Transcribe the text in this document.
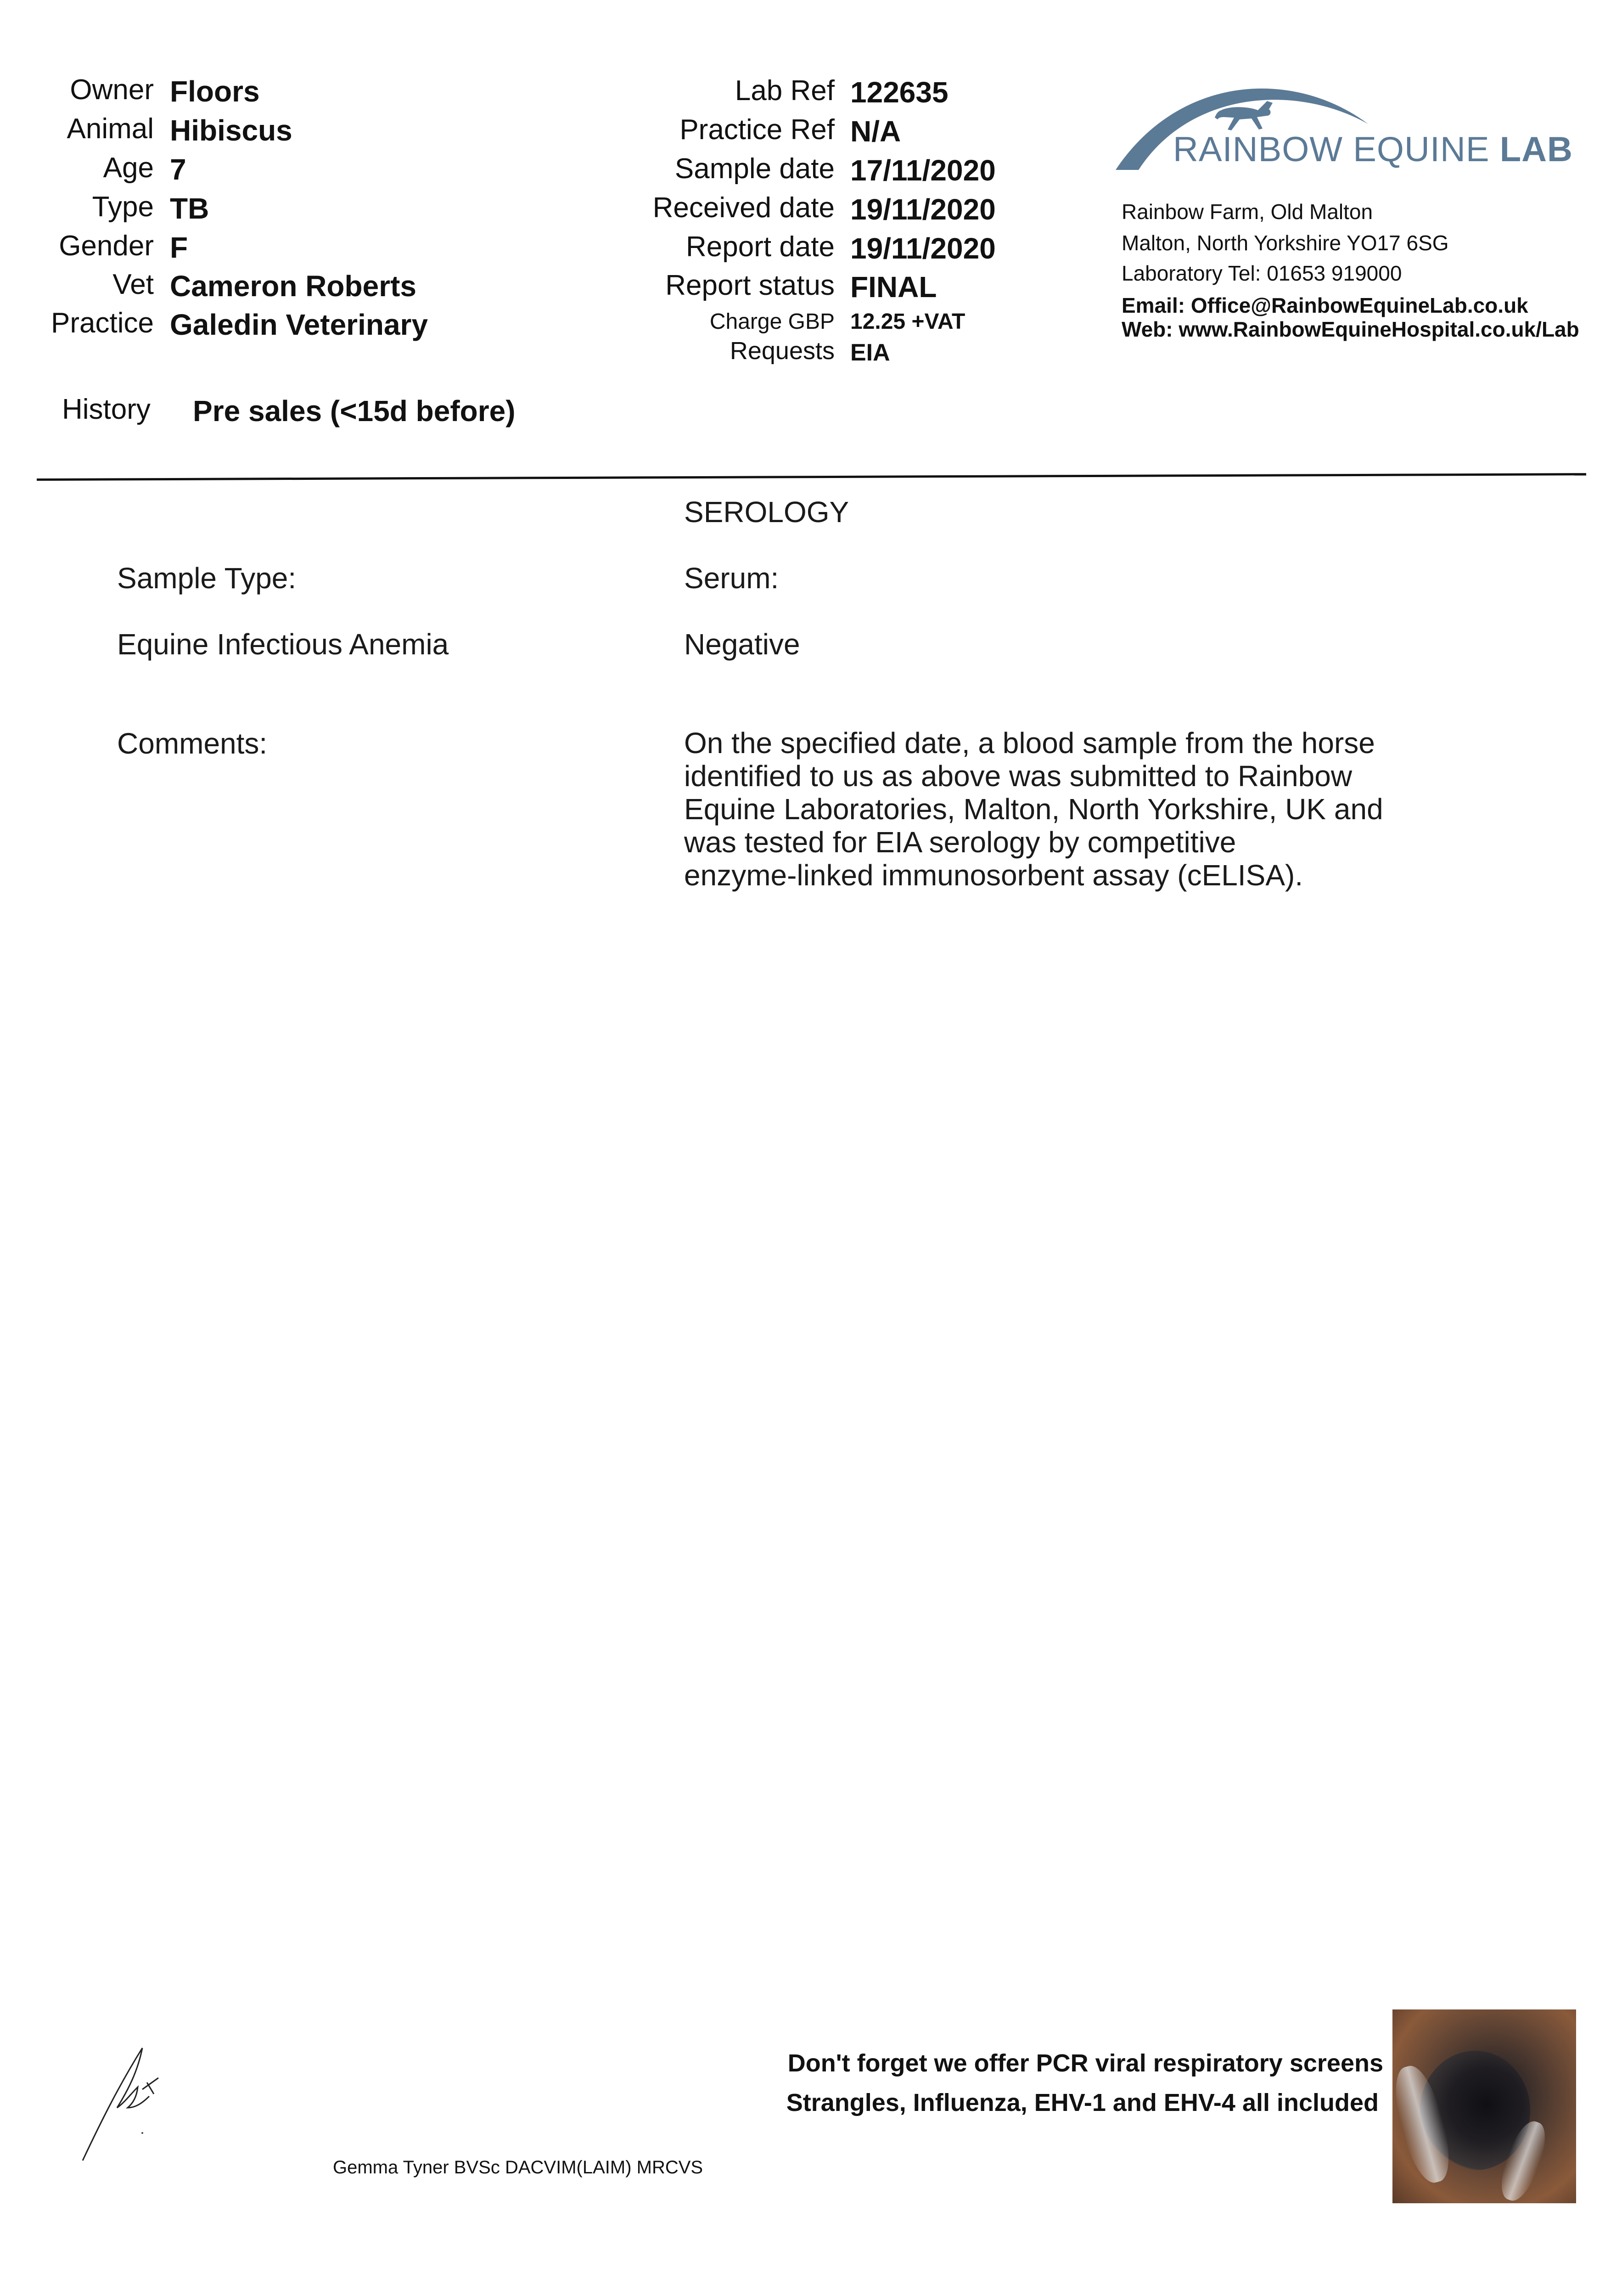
Owner Floors
Animal Hibiscus
Age 7
Type TB
Gender F
Vet Cameron Roberts
Practice Galedin Veterinary
Lab Ref 122635
Practice Ref N/A
Sample date 17/11/2020
Received date 19/11/2020
Report date 19/11/2020
Report status FINAL
Charge GBP 12.25 +VAT
Requests EIA
RAINBOW EQUINE LAB
Rainbow Farm, Old Malton
Malton, North Yorkshire YO17 6SG
Laboratory Tel: 01653 919000
Email: Office@RainbowEquineLab.co.uk
Web: www.RainbowEquineHospital.co.uk/Lab
History Pre sales (<15d before)
SEROLOGY
Sample Type:	Serum:
Equine Infectious Anemia	Negative
Comments:	On the specified date, a blood sample from the horse
identified to us as above was submitted to Rainbow
Equine Laboratories, Malton, North Yorkshire, UK and
was tested for EIA serology by competitive
enzyme-linked immunosorbent assay (cELISA).
Gemma Tyner BVSc DACVIM(LAIM) MRCVS
Don't forget we offer PCR viral respiratory screens
Strangles, Influenza, EHV-1 and EHV-4 all included
